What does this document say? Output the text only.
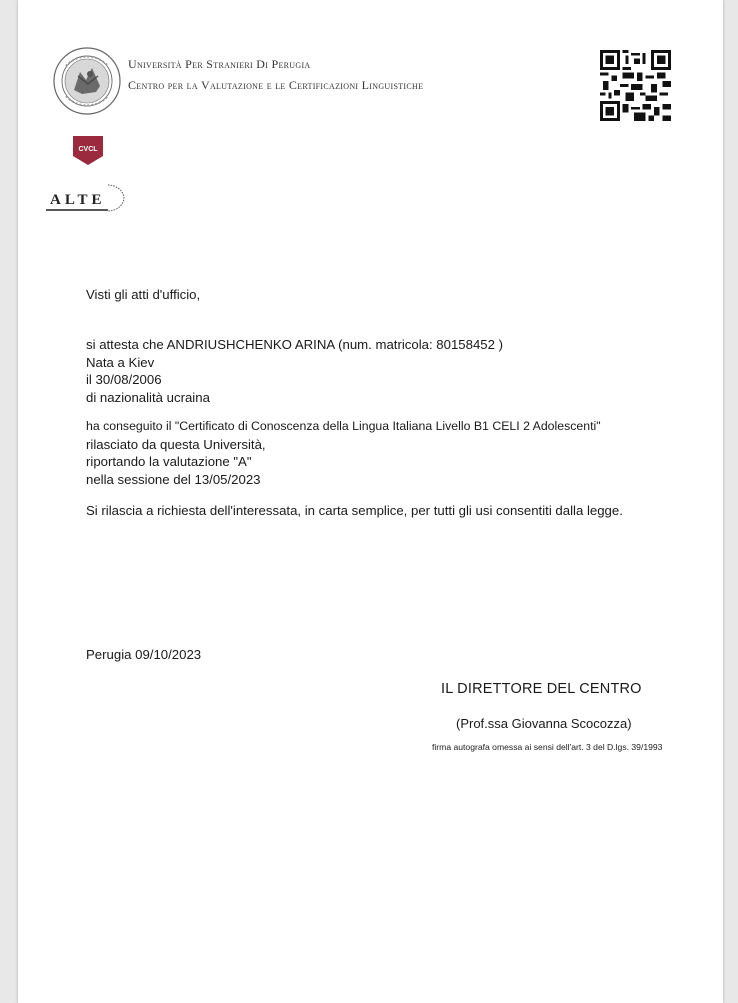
Università Per Stranieri Di Perugia
Centro per la Valutazione e le Certificazioni Linguistiche
CVCL
ALTE
Visti gli atti d'ufficio,
si attesta che ANDRIUSHCHENKO ARINA (num. matricola: 80158452 )
Nata a Kiev
il 30/08/2006
di nazionalità ucraina
ha conseguito il "Certificato di Conoscenza della Lingua Italiana Livello B1 CELI 2 Adolescenti"
rilasciato da questa Università,
riportando la valutazione "A"
nella sessione del 13/05/2023
Si rilascia a richiesta dell'interessata, in carta semplice, per tutti gli usi consentiti dalla legge.
Perugia 09/10/2023
IL DIRETTORE DEL CENTRO
(Prof.ssa Giovanna Scocozza)
firma autografa omessa ai sensi dell'art. 3 del D.lgs. 39/1993
